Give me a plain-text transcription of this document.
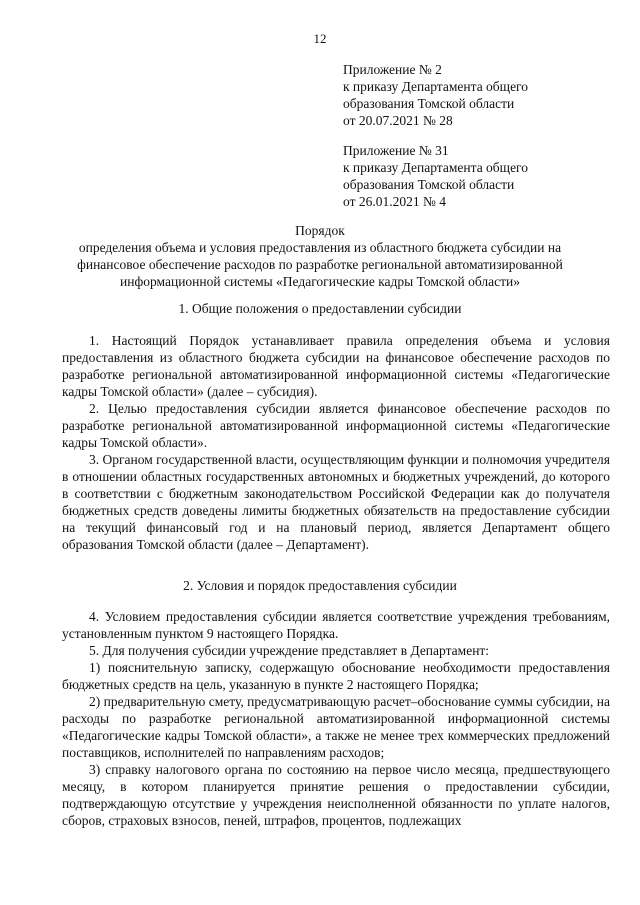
12
Приложение № 2
к приказу Департамента общего
образования Томской области
от 20.07.2021 № 28
Приложение № 31
к приказу Департамента общего
образования Томской области
от 26.01.2021 № 4
Порядок
определения объема и условия предоставления из областного бюджета субсидии на
финансовое обеспечение расходов по разработке региональной автоматизированной
информационной системы «Педагогические кадры Томской области»
1. Общие положения о предоставлении субсидии

1. Настоящий Порядок устанавливает правила определения объема и условия предоставления из областного бюджета субсидии на финансовое обеспечение расходов по разработке региональной автоматизированной информационной системы «Педагогические кадры Томской области» (далее – субсидия).

2. Целью предоставления субсидии является финансовое обеспечение расходов по разработке региональной автоматизированной информационной системы «Педагогические кадры Томской области».

3. Органом государственной власти, осуществляющим функции и полномочия учредителя в отношении областных государственных автономных и бюджетных учреждений, до которого в соответствии с бюджетным законодательством Российской Федерации как до получателя бюджетных средств доведены лимиты бюджетных обязательств на предоставление субсидии на текущий финансовый год и на плановый период, является Департамент общего образования Томской области (далее – Департамент).

2. Условия и порядок предоставления субсидии

4. Условием предоставления субсидии является соответствие учреждения требованиям, установленным пунктом 9 настоящего Порядка.

5. Для получения субсидии учреждение представляет в Департамент:

1) пояснительную записку, содержащую обоснование необходимости предоставления бюджетных средств на цель, указанную в пункте 2 настоящего Порядка;

2) предварительную смету, предусматривающую расчет–обоснование суммы субсидии, на расходы по разработке региональной автоматизированной информационной системы «Педагогические кадры Томской области», а также не менее трех коммерческих предложений поставщиков, исполнителей по направлениям расходов;

3) справку налогового органа по состоянию на первое число месяца, предшествующего месяцу, в котором планируется принятие решения о предоставлении субсидии, подтверждающую отсутствие у учреждения неисполненной обязанности по уплате налогов, сборов, страховых взносов, пеней, штрафов, процентов, подлежащих
